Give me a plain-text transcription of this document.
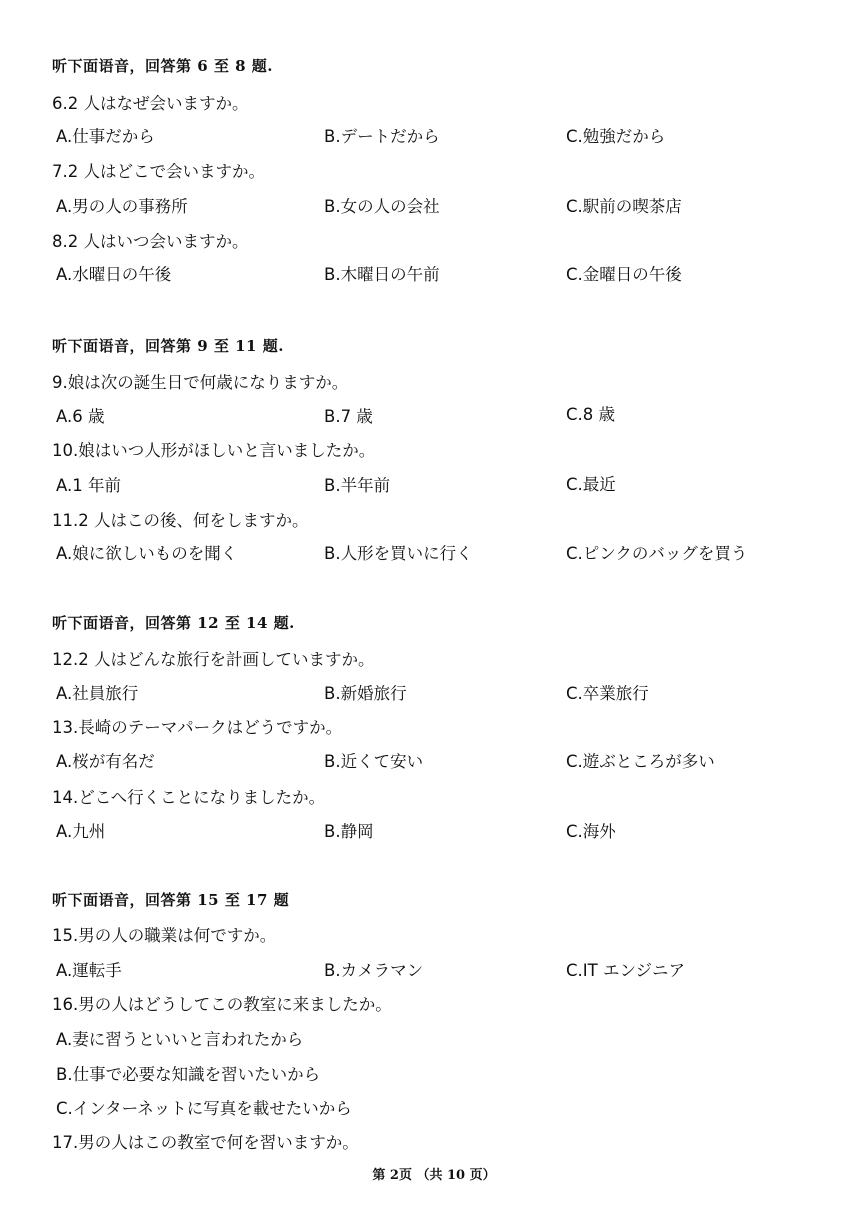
听下面语音，回答第 6 至 8 题.
6.2 人はなぜ会いますか。
A.仕事だから	B.デートだから	C.勉強だから
7.2 人はどこで会いますか。
A.男の人の事務所	B.女の人の会社	C.駅前の喫茶店
8.2 人はいつ会いますか。
A.水曜日の午後	B.木曜日の午前	C.金曜日の午後
听下面语音，回答第 9 至 11 题.
9.娘は次の誕生日で何歳になりますか。
A.6 歳	B.7 歳	C.8 歳
10.娘はいつ人形がほしいと言いましたか。
A.1 年前	B.半年前	C.最近
11.2 人はこの後、何をしますか。
A.娘に欲しいものを聞く	B.人形を買いに行く	C.ピンクのバッグを買う
听下面语音，回答第 12 至 14 题.
12.2 人はどんな旅行を計画していますか。
A.社員旅行	B.新婚旅行	C.卒業旅行
13.長崎のテーマパークはどうですか。
A.桜が有名だ	B.近くて安い	C.遊ぶところが多い
14.どこへ行くことになりましたか。
A.九州	B.静岡	C.海外
听下面语音，回答第 15 至 17 题
15.男の人の職業は何ですか。
A.運転手	B.カメラマン	C.IT エンジニア
16.男の人はどうしてこの教室に来ましたか。
A.妻に習うといいと言われたから
B.仕事で必要な知識を習いたいから
C.インターネットに写真を載せたいから
17.男の人はこの教室で何を習いますか。
第 2页 （共 10 页）
